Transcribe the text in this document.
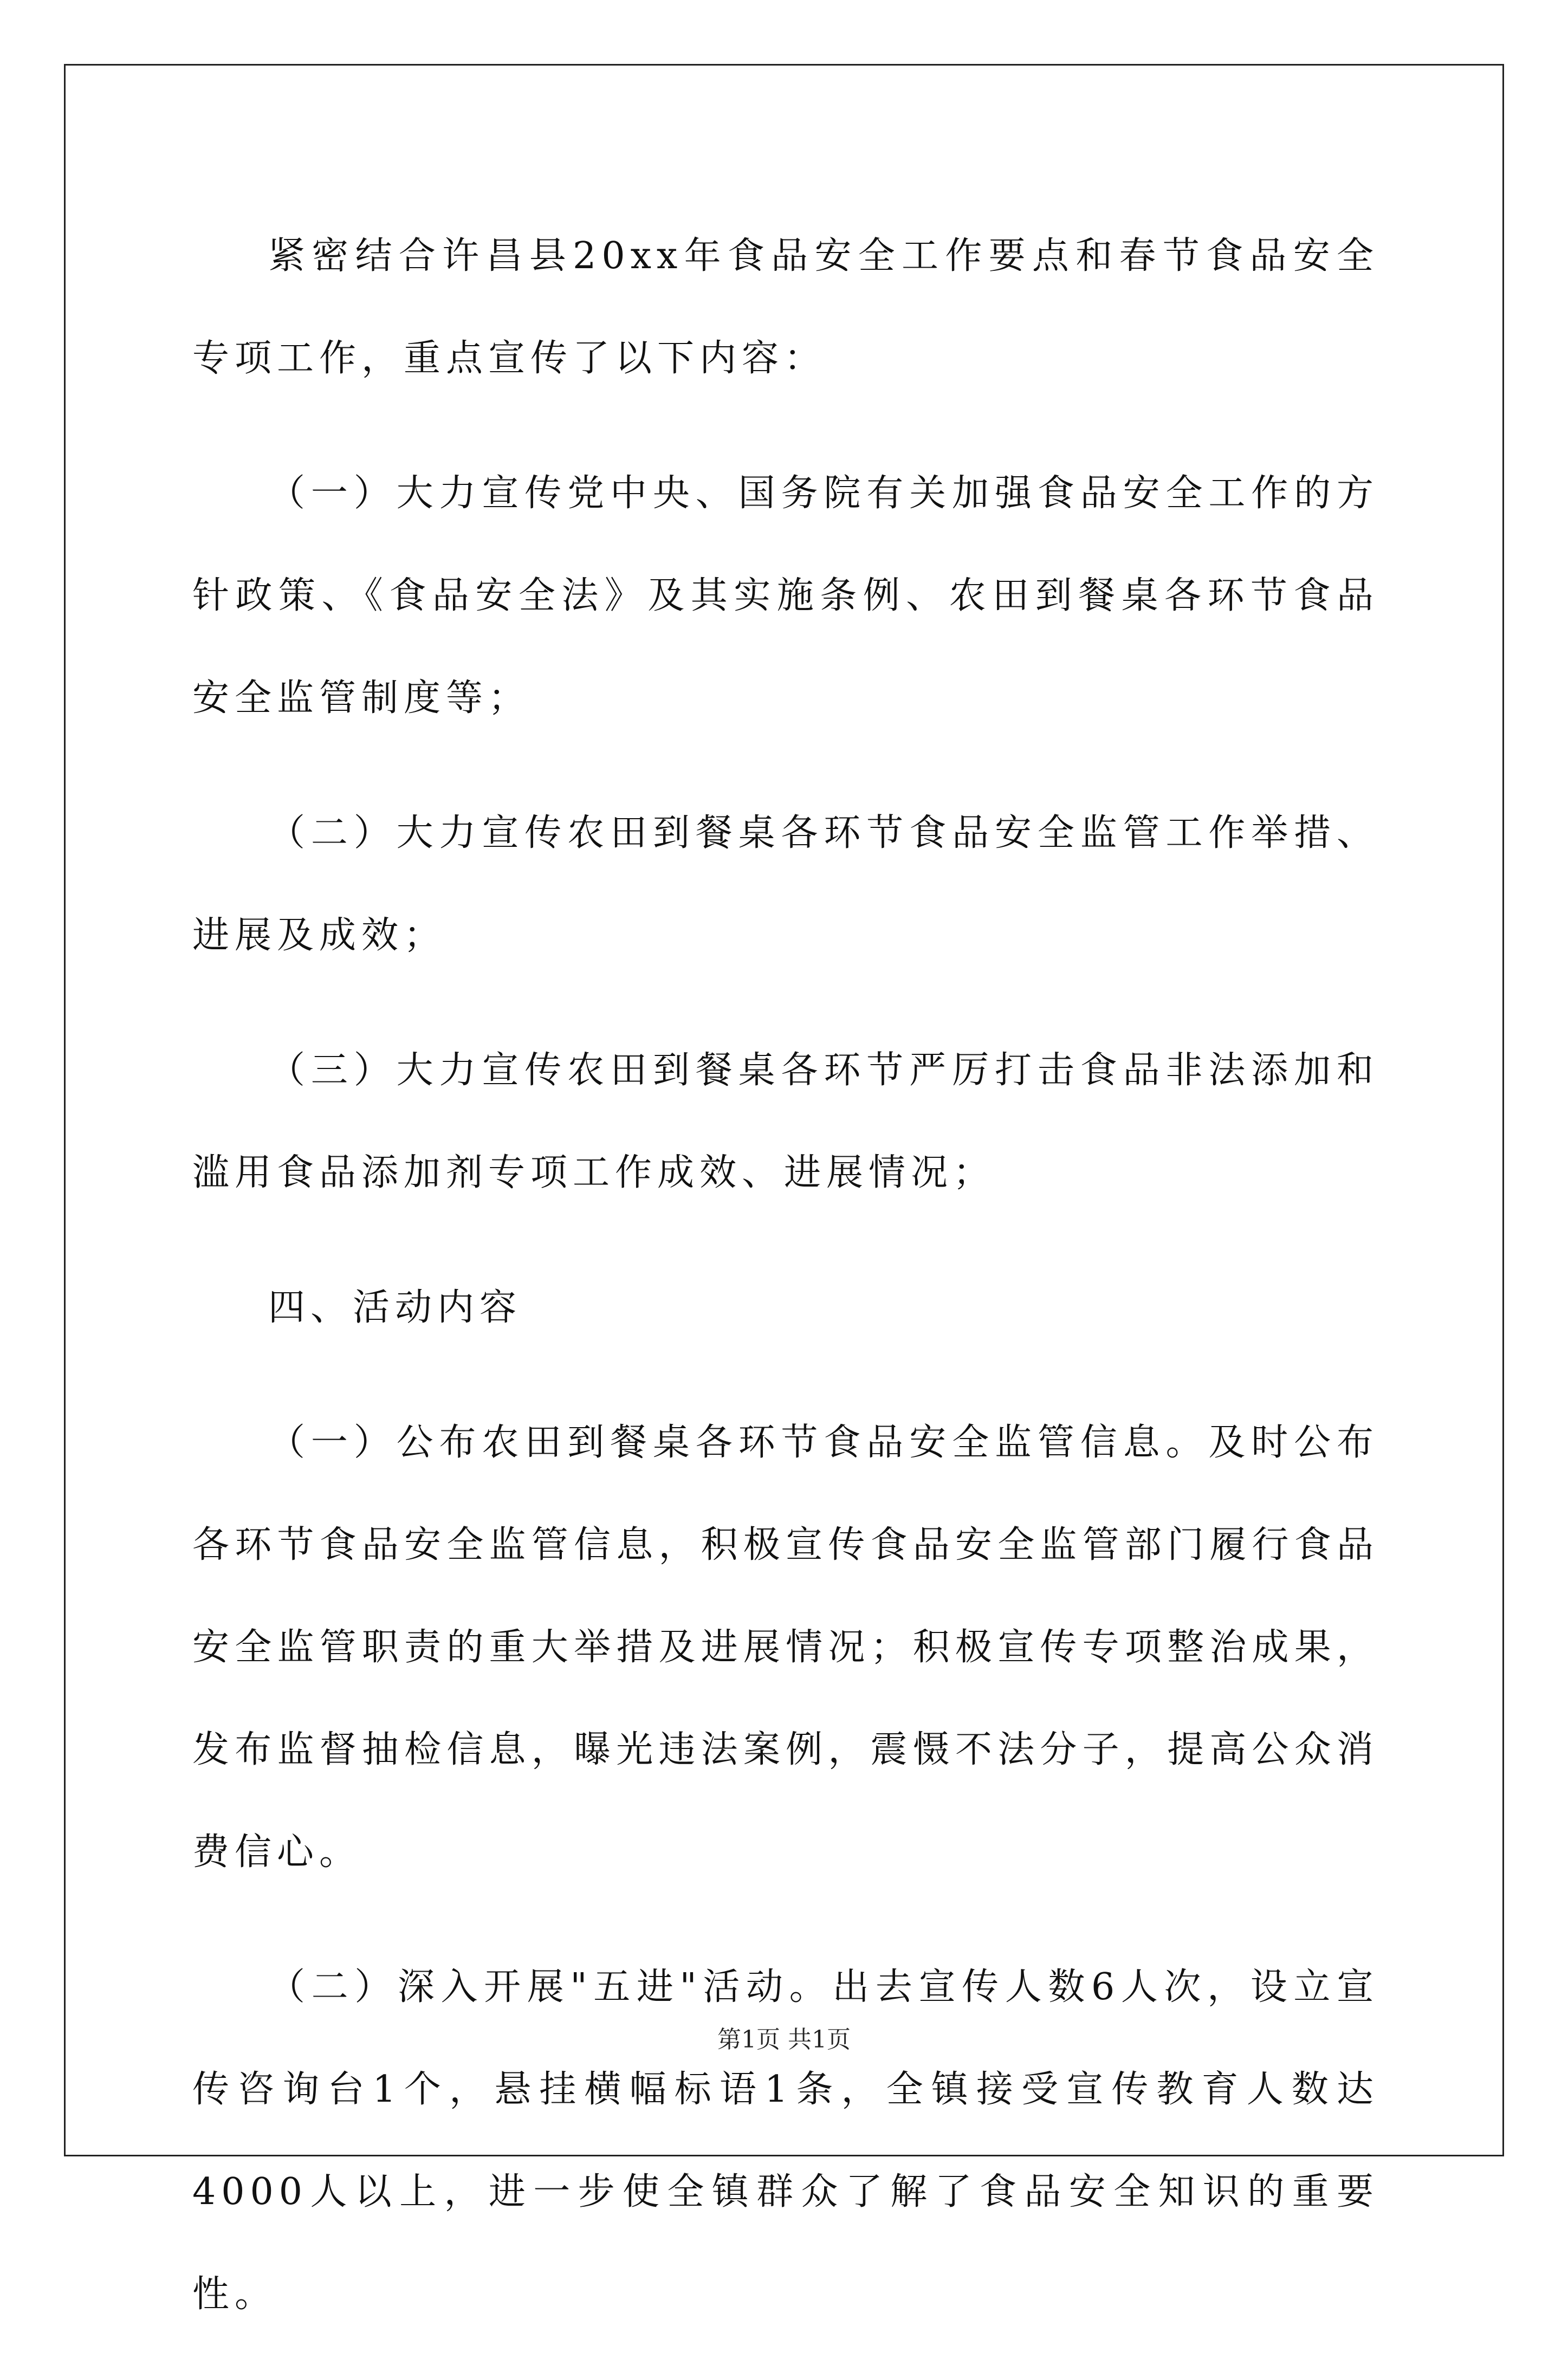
紧密结合许昌县20xx年食品安全工作要点和春节食品安全专项工作，重点宣传了以下内容：

（一）大力宣传党中央、国务院有关加强食品安全工作的方针政策、《食品安全法》及其实施条例、农田到餐桌各环节食品安全监管制度等；

（二）大力宣传农田到餐桌各环节食品安全监管工作举措、进展及成效；

（三）大力宣传农田到餐桌各环节严厉打击食品非法添加和滥用食品添加剂专项工作成效、进展情况；

四、活动内容

（一）公布农田到餐桌各环节食品安全监管信息。及时公布各环节食品安全监管信息，积极宣传食品安全监管部门履行食品安全监管职责的重大举措及进展情况；积极宣传专项整治成果，发布监督抽检信息，曝光违法案例，震慑不法分子，提高公众消费信心。

（二）深入开展"五进"活动。出去宣传人数6人次，设立宣传咨询台1个，悬挂横幅标语1条，全镇接受宣传教育人数达4000人以上，进一步使全镇群众了解了食品安全知识的重要性。

第1页 共1页
